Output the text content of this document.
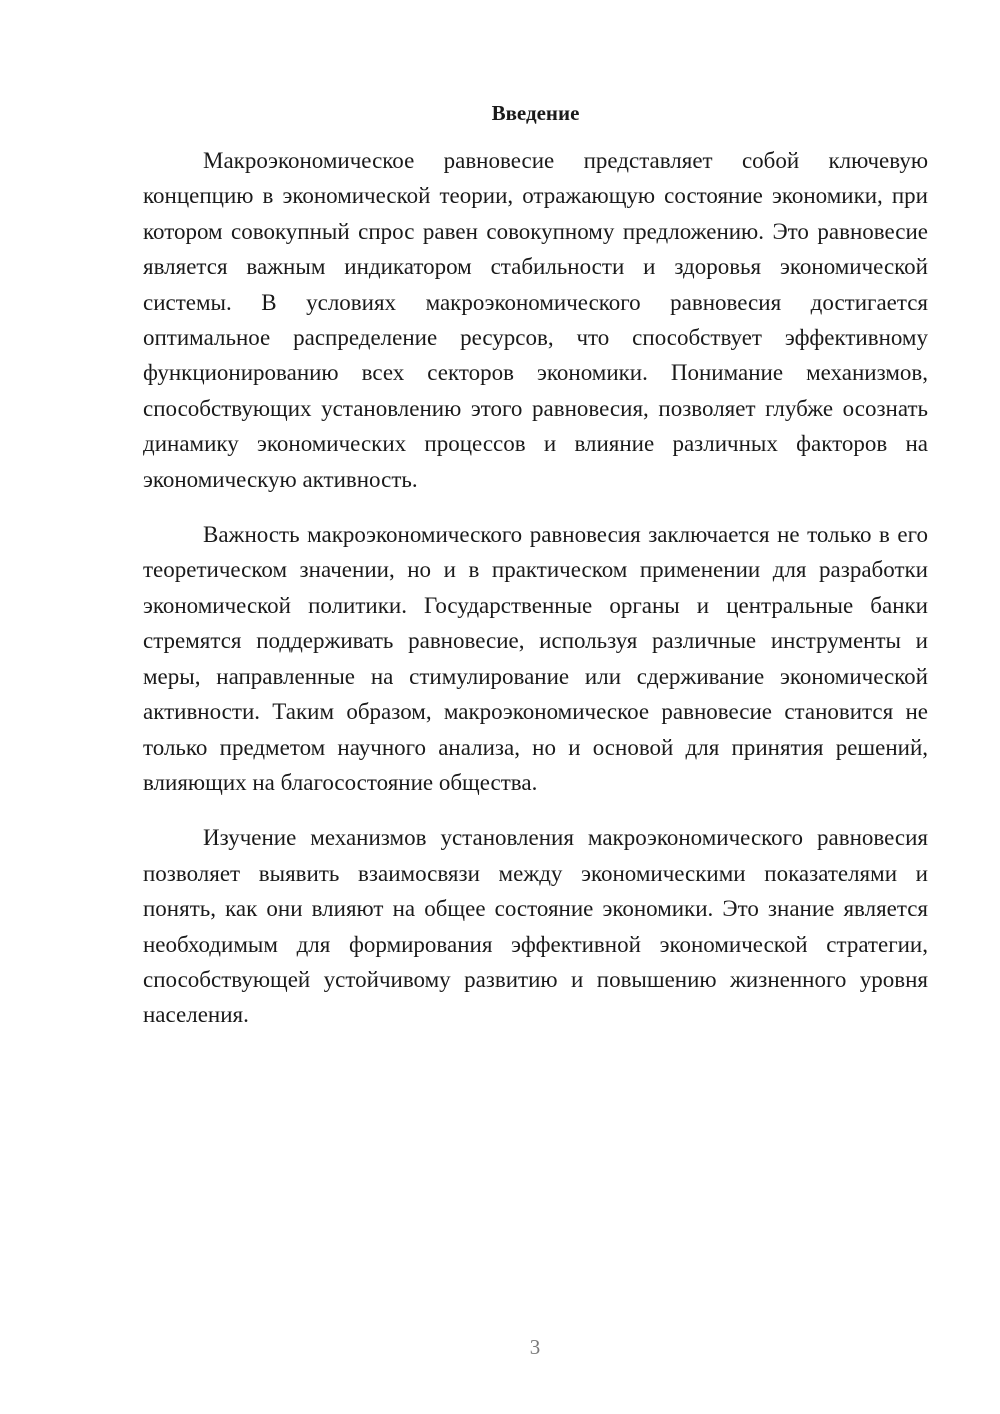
Введение

Макроэкономическое равновесие представляет собой ключевую концепцию в экономической теории, отражающую состояние экономики, при котором совокупный спрос равен совокупному предложению. Это равновесие является важным индикатором стабильности и здоровья экономической системы. В условиях макроэкономического равновесия достигается оптимальное распределение ресурсов, что способствует эффективному функционированию всех секторов экономики. Понимание механизмов, способствующих установлению этого равновесия, позволяет глубже осознать динамику экономических процессов и влияние различных факторов на экономическую активность.

Важность макроэкономического равновесия заключается не только в его теоретическом значении, но и в практическом применении для разработки экономической политики. Государственные органы и центральные банки стремятся поддерживать равновесие, используя различные инструменты и меры, направленные на стимулирование или сдерживание экономической активности. Таким образом, макроэкономическое равновесие становится не только предметом научного анализа, но и основой для принятия решений, влияющих на благосостояние общества.

Изучение механизмов установления макроэкономического равновесия позволяет выявить взаимосвязи между экономическими показателями и понять, как они влияют на общее состояние экономики. Это знание является необходимым для формирования эффективной экономической стратегии, способствующей устойчивому развитию и повышению жизненного уровня населения.

3
